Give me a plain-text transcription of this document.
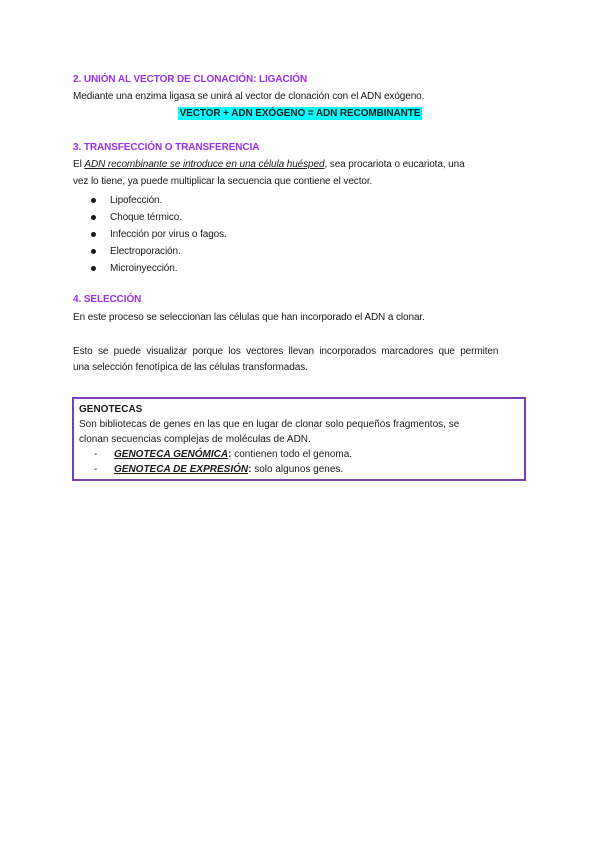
2. UNIÓN AL VECTOR DE CLONACIÓN: LIGACIÓN
Mediante una enzima ligasa se unirá al vector de clonación con el ADN exógeno.
VECTOR + ADN EXÓGENO = ADN RECOMBINANTE
3. TRANSFECCIÓN O TRANSFERENCIA
El ADN recombinante se introduce en una célula huésped, sea procariota o eucariota, una
vez lo tiene, ya puede multiplicar la secuencia que contiene el vector.
Lipofección.
Choque térmico.
Infección por virus o fagos.
Electroporación.
Microinyección.
4. SELECCIÓN
En este proceso se seleccionan las células que han incorporado el ADN a clonar.
Esto  se  puede  visualizar  porque  los  vectores  llevan  incorporados  marcadores  que  permiten
una selección fenotípica de las células transformadas.
GENOTECAS
Son bibliotecas de genes en las que en lugar de clonar solo pequeños fragmentos, se
clonan secuencias complejas de moléculas de ADN.
- GENOTECA GENÓMICA: contienen todo el genoma.
- GENOTECA DE EXPRESIÓN: solo algunos genes.
